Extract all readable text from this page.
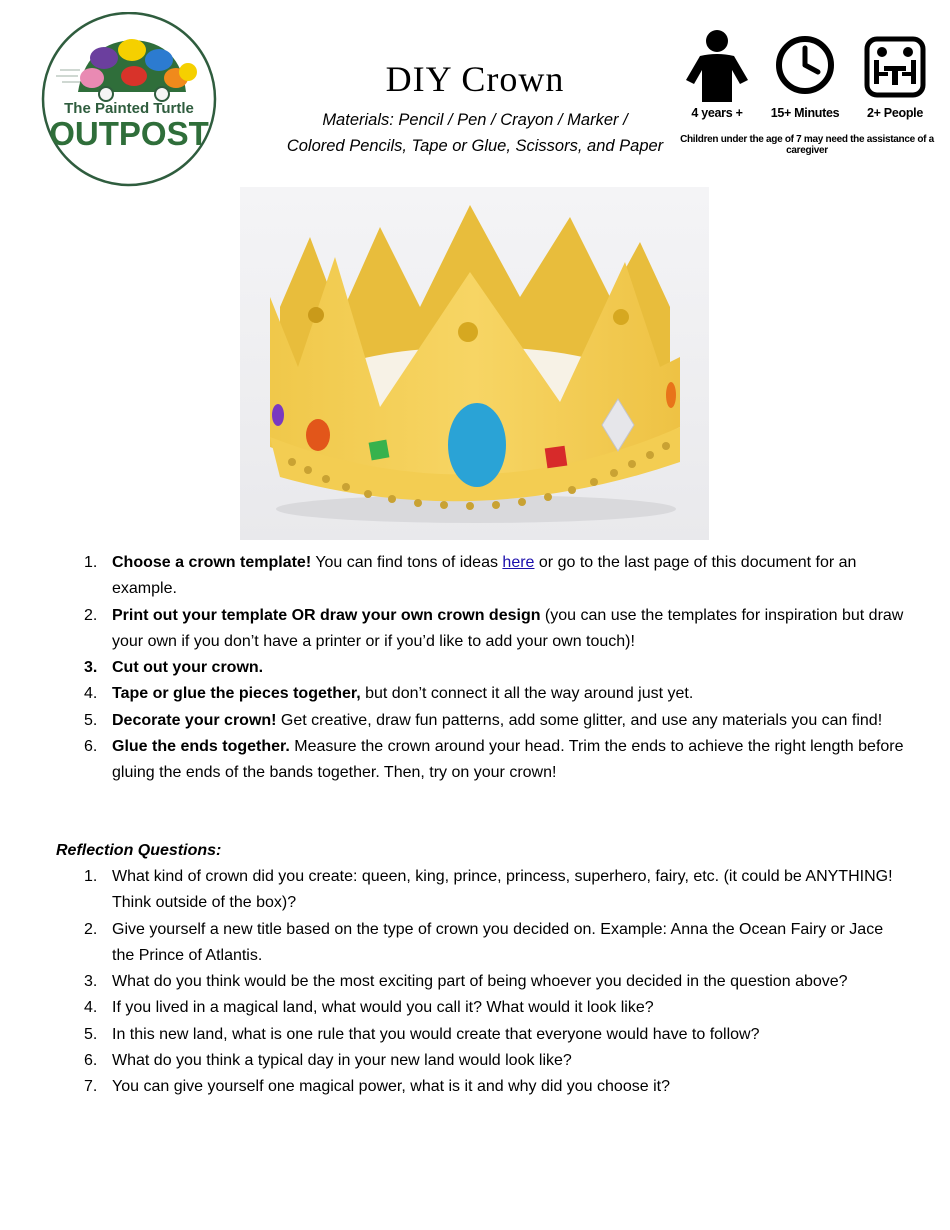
The Painted Turtle
OUTPOST
DIY Crown
Materials: Pencil / Pen / Crayon / Marker /
Colored Pencils, Tape or Glue, Scissors, and Paper
4 years +	15+ Minutes	2+ People
Children under the age of 7 may need the assistance of a
caregiver
1. Choose a crown template! You can find tons of ideas here or go to the last page of this document for an example.
2. Print out your template OR draw your own crown design (you can use the templates for inspiration but draw your own if you don’t have a printer or if you’d like to add your own touch)!
3. Cut out your crown.
4. Tape or glue the pieces together, but don’t connect it all the way around just yet.
5. Decorate your crown! Get creative, draw fun patterns, add some glitter, and use any materials you can find!
6. Glue the ends together. Measure the crown around your head. Trim the ends to achieve the right length before gluing the ends of the bands together. Then, try on your crown!
Reflection Questions:
1. What kind of crown did you create: queen, king, prince, princess, superhero, fairy, etc. (it could be ANYTHING! Think outside of the box)?
2. Give yourself a new title based on the type of crown you decided on. Example: Anna the Ocean Fairy or Jace the Prince of Atlantis.
3. What do you think would be the most exciting part of being whoever you decided in the question above?
4. If you lived in a magical land, what would you call it? What would it look like?
5. In this new land, what is one rule that you would create that everyone would have to follow?
6. What do you think a typical day in your new land would look like?
7. You can give yourself one magical power, what is it and why did you choose it?
